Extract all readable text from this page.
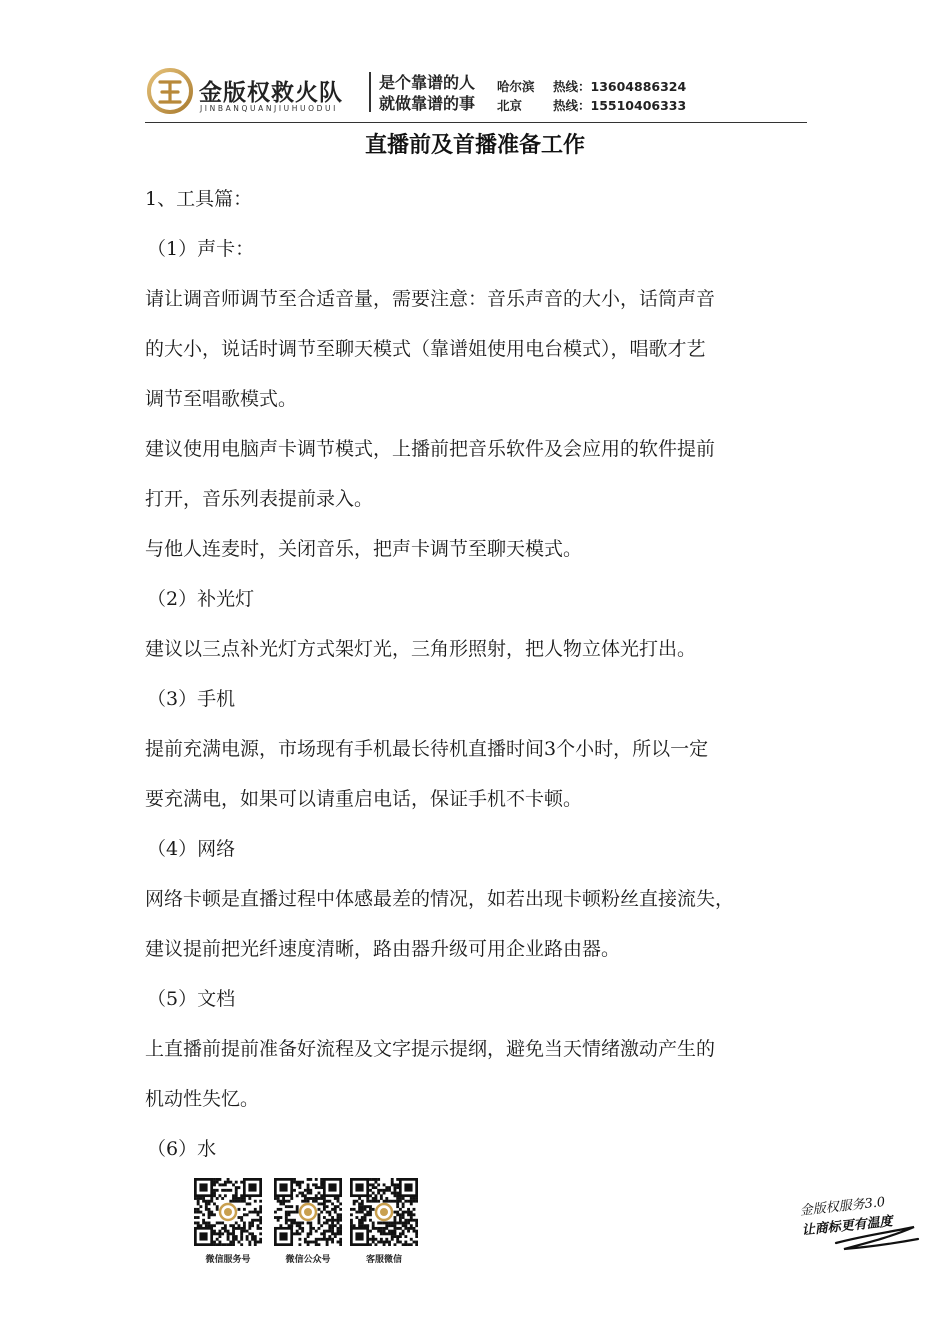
金版权救火队
JINBANQUANJIUHUODUI
是个靠谱的人
就做靠谱的事
哈尔滨 热线：13604886324
北京 热线：15510406333
直播前及首播准备工作
1、工具篇：
（1）声卡：
请让调音师调节至合适音量，需要注意：音乐声音的大小，话筒声音
的大小，说话时调节至聊天模式（靠谱姐使用电台模式），唱歌才艺
调节至唱歌模式。
建议使用电脑声卡调节模式，上播前把音乐软件及会应用的软件提前
打开，音乐列表提前录入。
与他人连麦时，关闭音乐，把声卡调节至聊天模式。
（2）补光灯
建议以三点补光灯方式架灯光，三角形照射，把人物立体光打出。
（3）手机
提前充满电源，市场现有手机最长待机直播时间3个小时，所以一定
要充满电，如果可以请重启电话，保证手机不卡顿。
（4）网络
网络卡顿是直播过程中体感最差的情况，如若出现卡顿粉丝直接流失，
建议提前把光纤速度清晰，路由器升级可用企业路由器。
（5）文档
上直播前提前准备好流程及文字提示提纲，避免当天情绪激动产生的
机动性失忆。
（6）水
微信服务号	微信公众号	客服微信
金版权服务3.0
让商标更有温度
